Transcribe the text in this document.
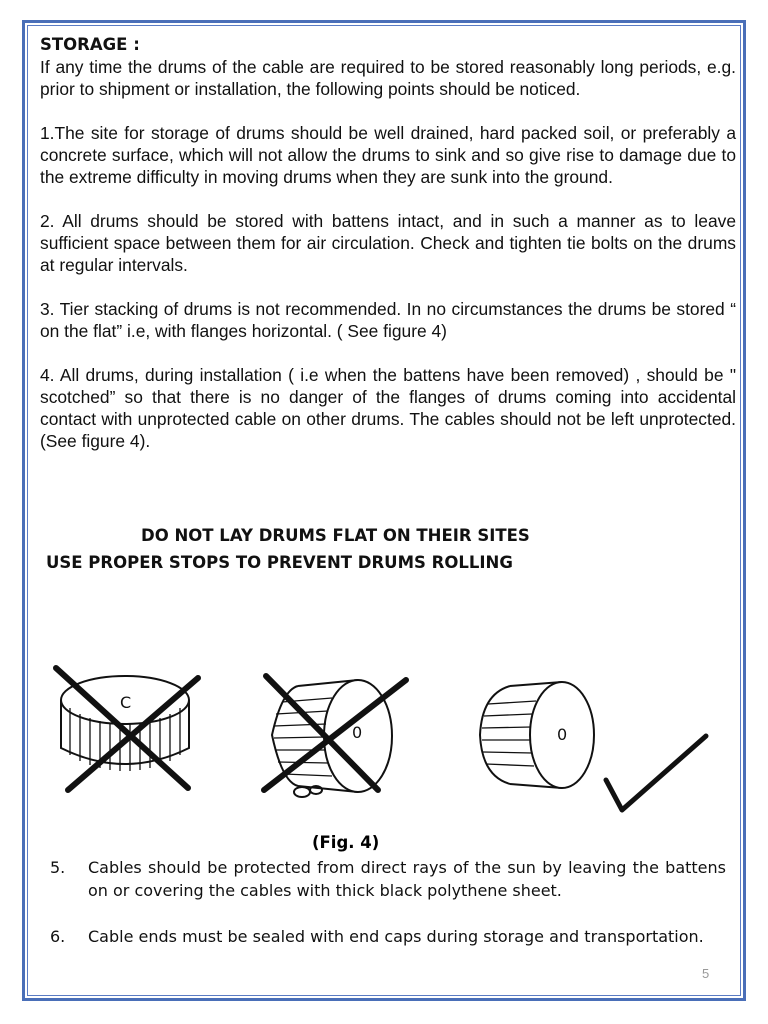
STORAGE :

If any time the drums of the cable are required to be stored reasonably long periods, e.g. prior to shipment or installation, the following points should be noticed.

1.The site for storage of drums should be well drained, hard packed soil, or preferably a concrete surface, which will not allow the drums to sink and so give rise to damage due to the extreme difficulty in moving drums when they are sunk into the ground.

2. All drums should be stored with battens intact, and in such a manner as to leave sufficient space between them for air circulation. Check and tighten tie bolts on the drums at regular intervals.

3. Tier stacking of drums is not recommended. In no circumstances the drums be stored “ on the flat” i.e, with flanges horizontal. ( See figure 4)

4. All drums, during installation ( i.e when the battens have been removed) , should be " scotched” so that there is no danger of the flanges of drums coming into accidental contact with unprotected cable on other drums. The cables should not be left unprotected. (See figure 4).

DO NOT LAY DRUMS FLAT ON THEIR SITES
USE PROPER STOPS TO PREVENT DRUMS ROLLING
C
0	0
(Fig. 4)
5.	Cables should be protected from direct rays of the sun by leaving the battens on or covering the cables with thick black polythene sheet.
6.	Cable ends must be sealed with end caps during storage and transportation.
5
